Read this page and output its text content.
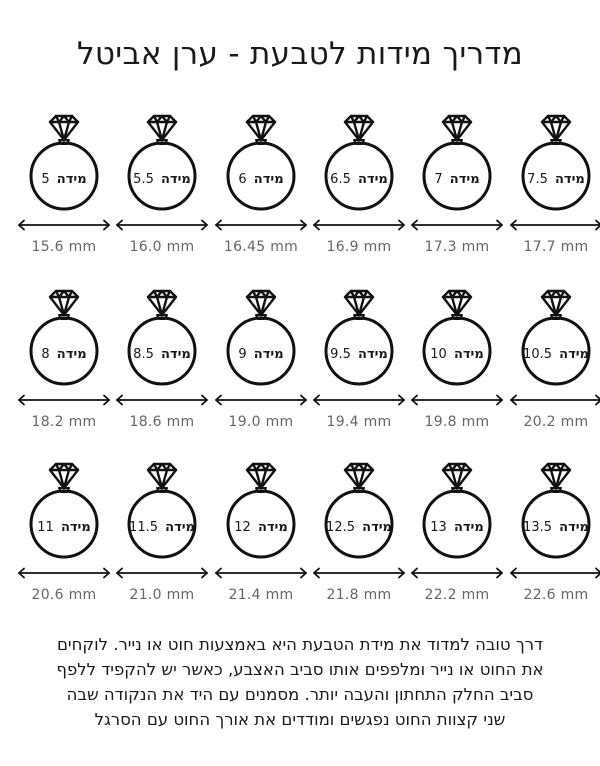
מדריך מידות לטבעת - ערן אביטל
7.5 מידה
17.7 mm
7 מידה
17.3 mm
6.5 מידה
16.9 mm
6 מידה
16.45 mm
5.5 מידה
16.0 mm
5 מידה
15.6 mm
10.5 מידה
20.2 mm
10 מידה
19.8 mm
9.5 מידה
19.4 mm
9 מידה
19.0 mm
8.5 מידה
18.6 mm
8 מידה
18.2 mm
13.5 מידה
22.6 mm
13 מידה
22.2 mm
12.5 מידה
21.8 mm
12 מידה
21.4 mm
11.5 מידה
21.0 mm
11 מידה
20.6 mm
דרך טובה למדוד את מידת הטבעת היא באמצעות חוט או נייר. לוקחים
את החוט או נייר ומלפפים אותו סביב האצבע, כאשר יש להקפיד ללפף
סביב החלק התחתון והעבה יותר. מסמנים עם היד את הנקודה שבה
שני קצוות החוט נפגשים ומודדים את אורך החוט עם הסרגל
